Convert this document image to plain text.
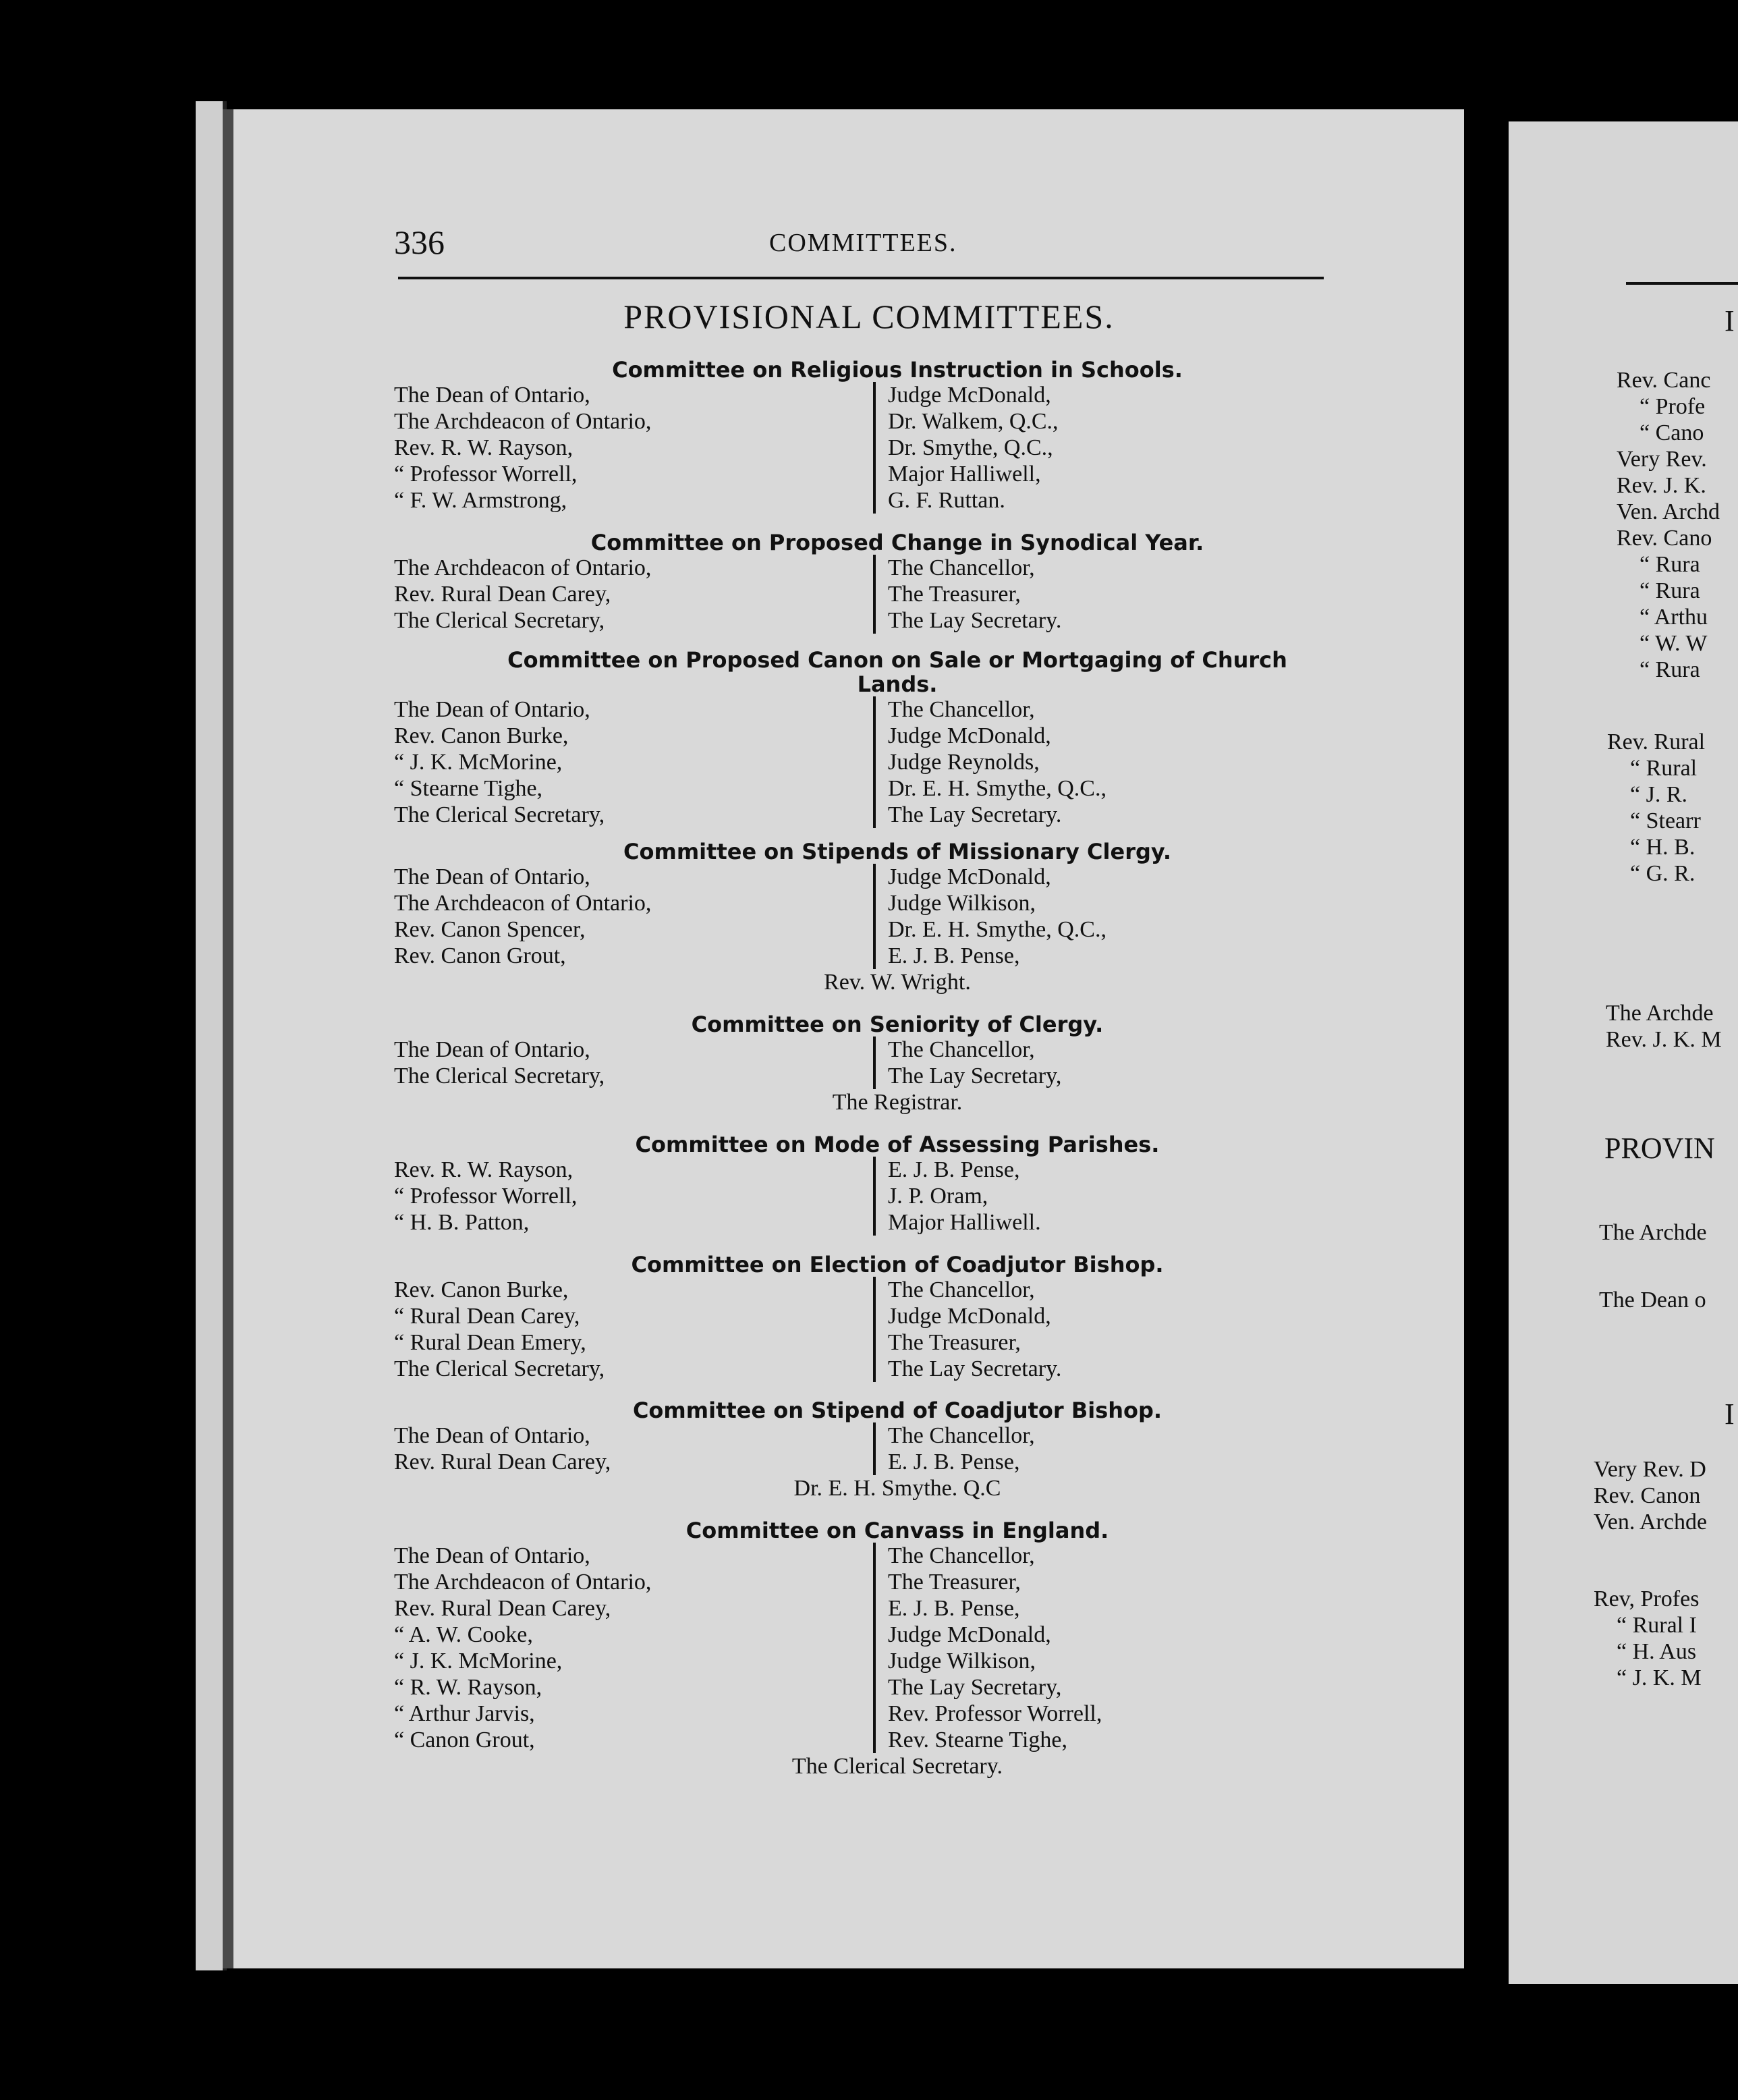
336	COMMITTEES.
PROVISIONAL COMMITTEES.
Committee on Religious Instruction in Schools.
The Dean of Ontario,
The Archdeacon of Ontario,
Rev. R. W. Rayson,
“ Professor Worrell,
“ F. W. Armstrong,
Judge McDonald,
Dr. Walkem, Q.C.,
Dr. Smythe, Q.C.,
Major Halliwell,
G. F. Ruttan.
Committee on Proposed Change in Synodical Year.
The Archdeacon of Ontario,
Rev. Rural Dean Carey,
The Clerical Secretary,
The Chancellor,
The Treasurer,
The Lay Secretary.
Committee on Proposed Canon on Sale or Mortgaging of Church Lands.
The Dean of Ontario,
Rev. Canon Burke,
“ J. K. McMorine,
“ Stearne Tighe,
The Clerical Secretary,
The Chancellor,
Judge McDonald,
Judge Reynolds,
Dr. E. H. Smythe, Q.C.,
The Lay Secretary.
Committee on Stipends of Missionary Clergy.
The Dean of Ontario,
The Archdeacon of Ontario,
Rev. Canon Spencer,
Rev. Canon Grout,
Judge McDonald,
Judge Wilkison,
Dr. E. H. Smythe, Q.C.,
E. J. B. Pense,
Rev. W. Wright.
Committee on Seniority of Clergy.
The Dean of Ontario,
The Clerical Secretary,
The Chancellor,
The Lay Secretary,
The Registrar.
Committee on Mode of Assessing Parishes.
Rev. R. W. Rayson,
“ Professor Worrell,
“ H. B. Patton,
E. J. B. Pense,
J. P. Oram,
Major Halliwell.
Committee on Election of Coadjutor Bishop.
Rev. Canon Burke,
“ Rural Dean Carey,
“ Rural Dean Emery,
The Clerical Secretary,
The Chancellor,
Judge McDonald,
The Treasurer,
The Lay Secretary.
Committee on Stipend of Coadjutor Bishop.
The Dean of Ontario,
Rev. Rural Dean Carey,
The Chancellor,
E. J. B. Pense,
Dr. E. H. Smythe. Q.C
Committee on Canvass in England.
The Dean of Ontario,
The Archdeacon of Ontario,
Rev. Rural Dean Carey,
“ A. W. Cooke,
“ J. K. McMorine,
“ R. W. Rayson,
“ Arthur Jarvis,
“ Canon Grout,
The Chancellor,
The Treasurer,
E. J. B. Pense,
Judge McDonald,
Judge Wilkison,
The Lay Secretary,
Rev. Professor Worrell,
Rev. Stearne Tighe,
The Clerical Secretary.
I
Rev. Canc
“ Profe
“ Cano
Very Rev.
Rev. J. K.
Ven. Archd
Rev. Cano
“ Rura
“ Rura
“ Arthu
“ W. W
“ Rura
Rev. Rural
“ Rural
“ J. R.
“ Stearr
“ H. B.
“ G. R.
The Archde
Rev. J. K. M
PROVIN
The Archde
The Dean o
I
Very Rev. D
Rev. Canon
Ven. Archde
Rev, Profes
“ Rural I
“ H. Aus
“ J. K. M
